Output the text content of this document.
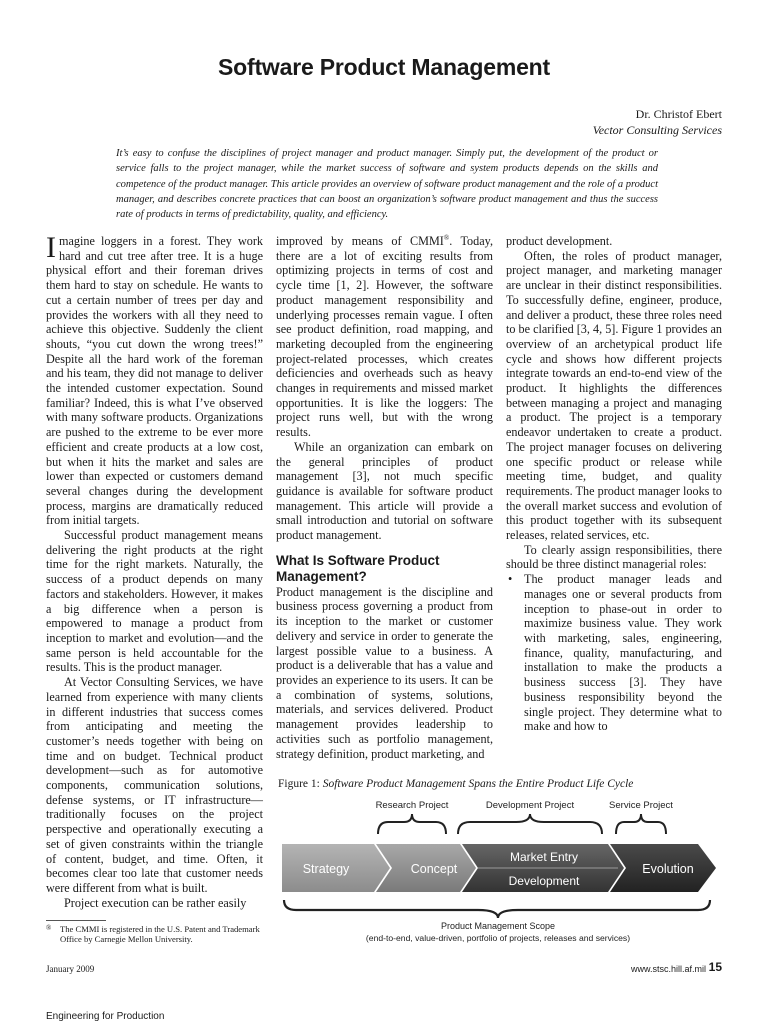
Software Product Management
Dr. Christof Ebert
Vector Consulting Services
It’s easy to confuse the disciplines of project manager and product manager. Simply put, the development of the product or service falls to the project manager, while the market success of software and system products depends on the skills and competence of the product manager. This article provides an overview of software product management and the role of a product manager, and describes concrete practices that can boost an organization’s software product management and thus the success rate of products in terms of predictability, quality, and efficiency.

Imagine loggers in a forest. They work hard and cut tree after tree. It is a huge physical effort and their foreman drives them hard to stay on schedule. He wants to cut a certain number of trees per day and provides the workers with all they need to achieve this objective. Suddenly the client shouts, “you cut down the wrong trees!” Despite all the hard work of the foreman and his team, they did not manage to deliver the intended customer expectation. Sound familiar? Indeed, this is what I’ve observed with many software products. Organizations are pushed to the extreme to be ever more efficient and create products at a low cost, but when it hits the market and sales are lower than expected or customers demand several changes during the development process, margins are dramatically reduced from initial targets.

Successful product management means delivering the right products at the right time for the right markets. Naturally, the success of a product depends on many factors and stakeholders. However, it makes a big difference when a person is empowered to manage a product from inception to market and evolution—and the same person is held accountable for the results. This is the product manager.

At Vector Consulting Services, we have learned from experience with many clients in different industries that success comes from anticipating and meeting the customer’s needs together with being on time and on budget. Technical product development—such as for automotive components, communication solutions, defense systems, or IT infrastructure—traditionally focuses on the project perspective and operationally executing a set of given constraints within the triangle of content, budget, and time. Often, it becomes clear too late that customer needs were different from what is built.

Project execution can be rather easily

®	The CMMI is registered in the U.S. Patent and Trademark Office by Carnegie Mellon University.

improved by means of CMMI®. Today, there are a lot of exciting results from optimizing projects in terms of cost and cycle time [1, 2]. However, the software product management responsibility and underlying processes remain vague. I often see product definition, road mapping, and marketing decoupled from the engineering project-related processes, which creates deficiencies and overheads such as heavy changes in requirements and missed market opportunities. It is like the loggers: The project runs well, but with the wrong results.

While an organization can embark on the general principles of product management [3], not much specific guidance is available for software product management. This article will provide a small introduction and tutorial on software product management.

What Is Software Product Management?

Product management is the discipline and business process governing a product from its inception to the market or customer delivery and service in order to generate the largest possible value to a business. A product is a deliverable that has a value and provides an experience to its users. It can be a combination of systems, solutions, materials, and services delivered. Product management provides leadership to activities such as portfolio management, strategy definition, product marketing, and

product development.

Often, the roles of product manager, project manager, and marketing manager are unclear in their distinct responsibilities. To successfully define, engineer, produce, and deliver a product, these three roles need to be clarified [3, 4, 5]. Figure 1 provides an overview of an archetypical product life cycle and shows how different projects integrate towards an end-to-end view of the product. It highlights the differences between managing a project and managing a product. The project is a temporary endeavor undertaken to create a product. The project manager focuses on delivering one specific product or release while meeting time, budget, and quality requirements. The product manager looks to the overall market success and evolution of this product together with its subsequent releases, related services, etc.

To clearly assign responsibilities, there should be three distinct managerial roles:

• The product manager leads and manages one or several products from inception to phase-out in order to maximize business value. They work with marketing, sales, engineering, finance, quality, manufacturing, and installation to make the products a business success [3]. They have business responsibility beyond the single project. They determine what to make and how to
Figure 1: Software Product Management Spans the Entire Product Life Cycle
Research Project	Development Project	Service Project
Strategy	Concept
Market Entry
Development
Evolution
Product Management Scope
(end-to-end, value-driven, portfolio of projects, releases and services)
January 2009	www.stsc.hill.af.mil 15
Engineering for Production
